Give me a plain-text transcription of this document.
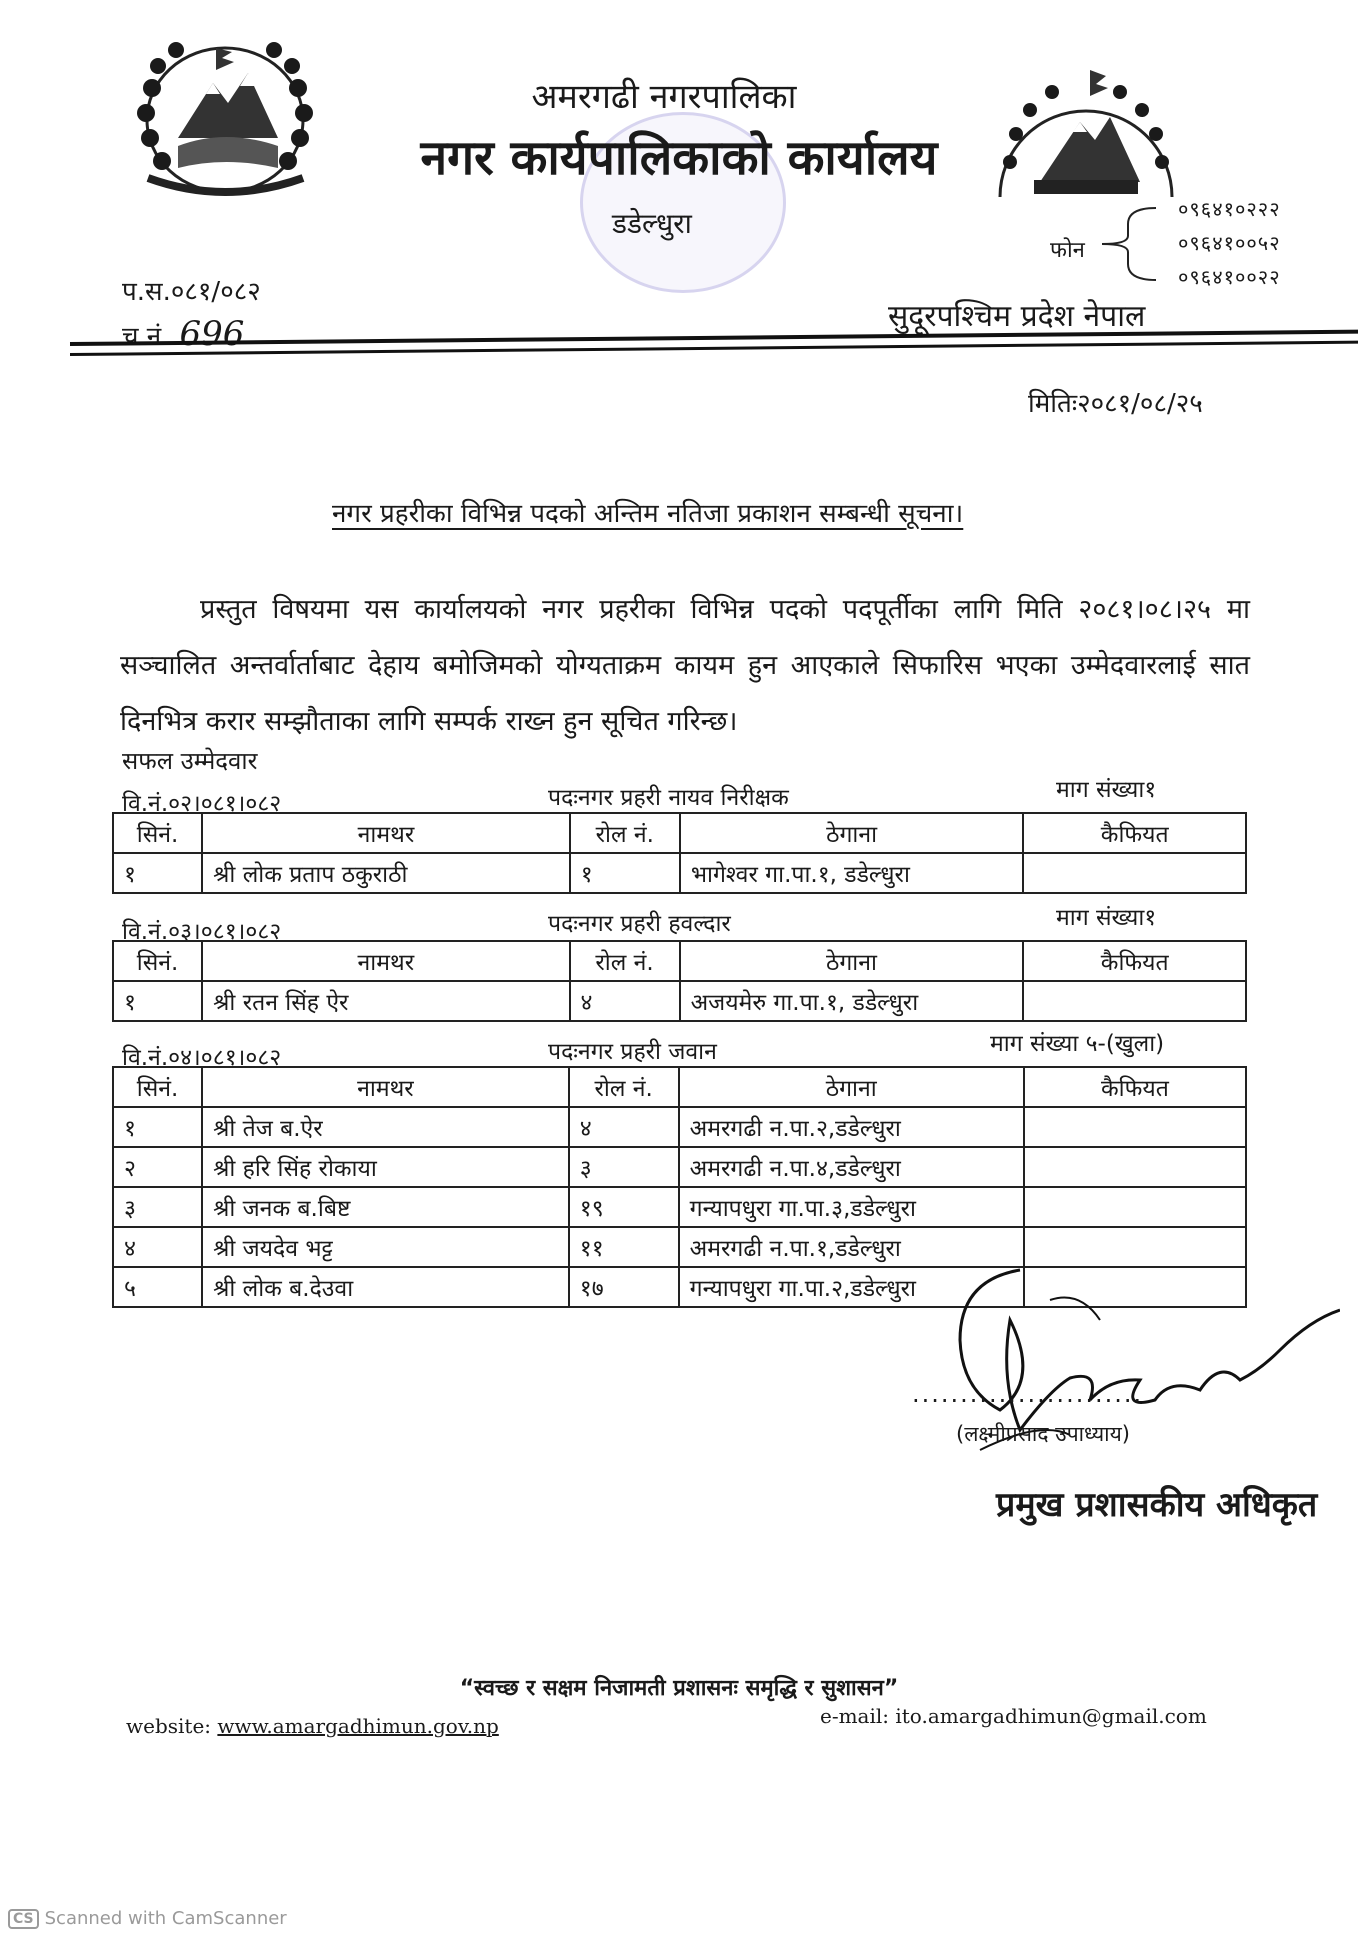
अमरगढी नगरपालिका
नगर कार्यपालिकाको कार्यालय
डडेल्धुरा
प.स.०८१/०८२
च.नं. 696
फोन
०९६४१०२२२
०९६४१००५२
०९६४१००२२
सुदूरपश्चिम प्रदेश नेपाल
मितिः२०८१/०८/२५
नगर प्रहरीका विभिन्न पदको अन्तिम नतिजा प्रकाशन सम्बन्धी सूचना।
प्रस्तुत विषयमा यस कार्यालयको नगर प्रहरीका विभिन्न पदको पदपूर्तीका लागि मिति २०८१।०८।२५ मा सञ्चालित अन्तर्वार्ताबाट देहाय बमोजिमको योग्यताक्रम कायम हुन आएकाले सिफारिस भएका उम्मेदवारलाई सात दिनभित्र करार सम्झौताका लागि सम्पर्क राख्न हुन सूचित गरिन्छ।
सफल उम्मेदवार
वि.नं.०२।०८१।०८२	पदःनगर प्रहरी नायव निरीक्षक	माग संख्या१
सिनं.	नामथर	रोल नं.	ठेगाना	कैफियत
१	श्री लोक प्रताप ठकुराठी	१	भागेश्वर गा.पा.१, डडेल्धुरा	
वि.नं.०३।०८१।०८२	पदःनगर प्रहरी हवल्दार	माग संख्या१
सिनं.	नामथर	रोल नं.	ठेगाना	कैफियत
१	श्री रतन सिंह ऐर	४	अजयमेरु गा.पा.१, डडेल्धुरा	
वि.नं.०४।०८१।०८२	पदःनगर प्रहरी जवान	माग संख्या ५-(खुला)
सिनं.	नामथर	रोल नं.	ठेगाना	कैफियत
१	श्री तेज ब.ऐर	४	अमरगढी न.पा.२,डडेल्धुरा	
२	श्री हरि सिंह रोकाया	३	अमरगढी न.पा.४,डडेल्धुरा	
३	श्री जनक ब.बिष्ट	१९	गन्यापधुरा गा.पा.३,डडेल्धुरा	
४	श्री जयदेव भट्ट	११	अमरगढी न.पा.१,डडेल्धुरा	
५	श्री लोक ब.देउवा	१७	गन्यापधुरा गा.पा.२,डडेल्धुरा	
........................
(लक्ष्मीप्रसाद उपाध्याय)
प्रमुख प्रशासकीय अधिकृत
“स्वच्छ र सक्षम निजामती प्रशासनः समृद्धि र सुशासन”
website: www.amargadhimun.gov.np	e-mail: ito.amargadhimun@gmail.com
CS Scanned with CamScanner
